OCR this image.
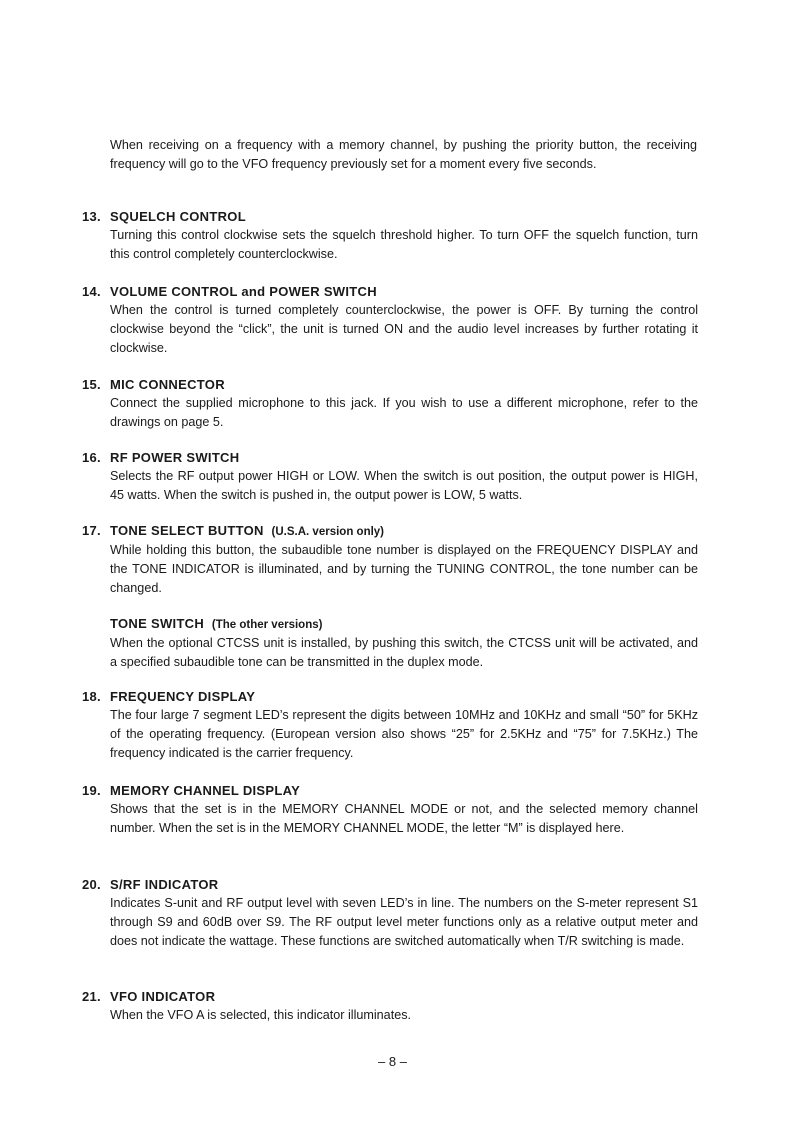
When receiving on a frequency with a memory channel, by pushing the priority button, the receiving frequency will go to the VFO frequency previously set for a moment every five seconds.

13. SQUELCH CONTROL
Turning this control clockwise sets the squelch threshold higher. To turn OFF the squelch function, turn this control completely counterclockwise.
14. VOLUME CONTROL and POWER SWITCH
When the control is turned completely counterclockwise, the power is OFF. By turning the control clockwise beyond the “click”, the unit is turned ON and the audio level increases by further rotating it clockwise.
15. MIC CONNECTOR
Connect the supplied microphone to this jack. If you wish to use a different microphone, refer to the drawings on page 5.
16. RF POWER SWITCH
Selects the RF output power HIGH or LOW. When the switch is out position, the output power is HIGH, 45 watts. When the switch is pushed in, the output power is LOW, 5 watts.
17. TONE SELECT BUTTON (U.S.A. version only)
While holding this button, the subaudible tone number is displayed on the FREQUENCY DISPLAY and the TONE INDICATOR is illuminated, and by turning the TUNING CONTROL, the tone number can be changed.
TONE SWITCH (The other versions)
When the optional CTCSS unit is installed, by pushing this switch, the CTCSS unit will be activated, and a specified subaudible tone can be transmitted in the duplex mode.
18. FREQUENCY DISPLAY
The four large 7 segment LED’s represent the digits between 10MHz and 10KHz and small “50” for 5KHz of the operating frequency. (European version also shows “25” for 2.5KHz and “75” for 7.5KHz.) The frequency indicated is the carrier frequency.
19. MEMORY CHANNEL DISPLAY
Shows that the set is in the MEMORY CHANNEL MODE or not, and the selected memory channel number. When the set is in the MEMORY CHANNEL MODE, the letter “M” is displayed here.
20. S/RF INDICATOR
Indicates S-unit and RF output level with seven LED’s in line. The numbers on the S-meter represent S1 through S9 and 60dB over S9. The RF output level meter functions only as a relative output meter and does not indicate the wattage. These functions are switched automatically when T/R switching is made.
21. VFO INDICATOR
When the VFO A is selected, this indicator illuminates.
– 8 –
